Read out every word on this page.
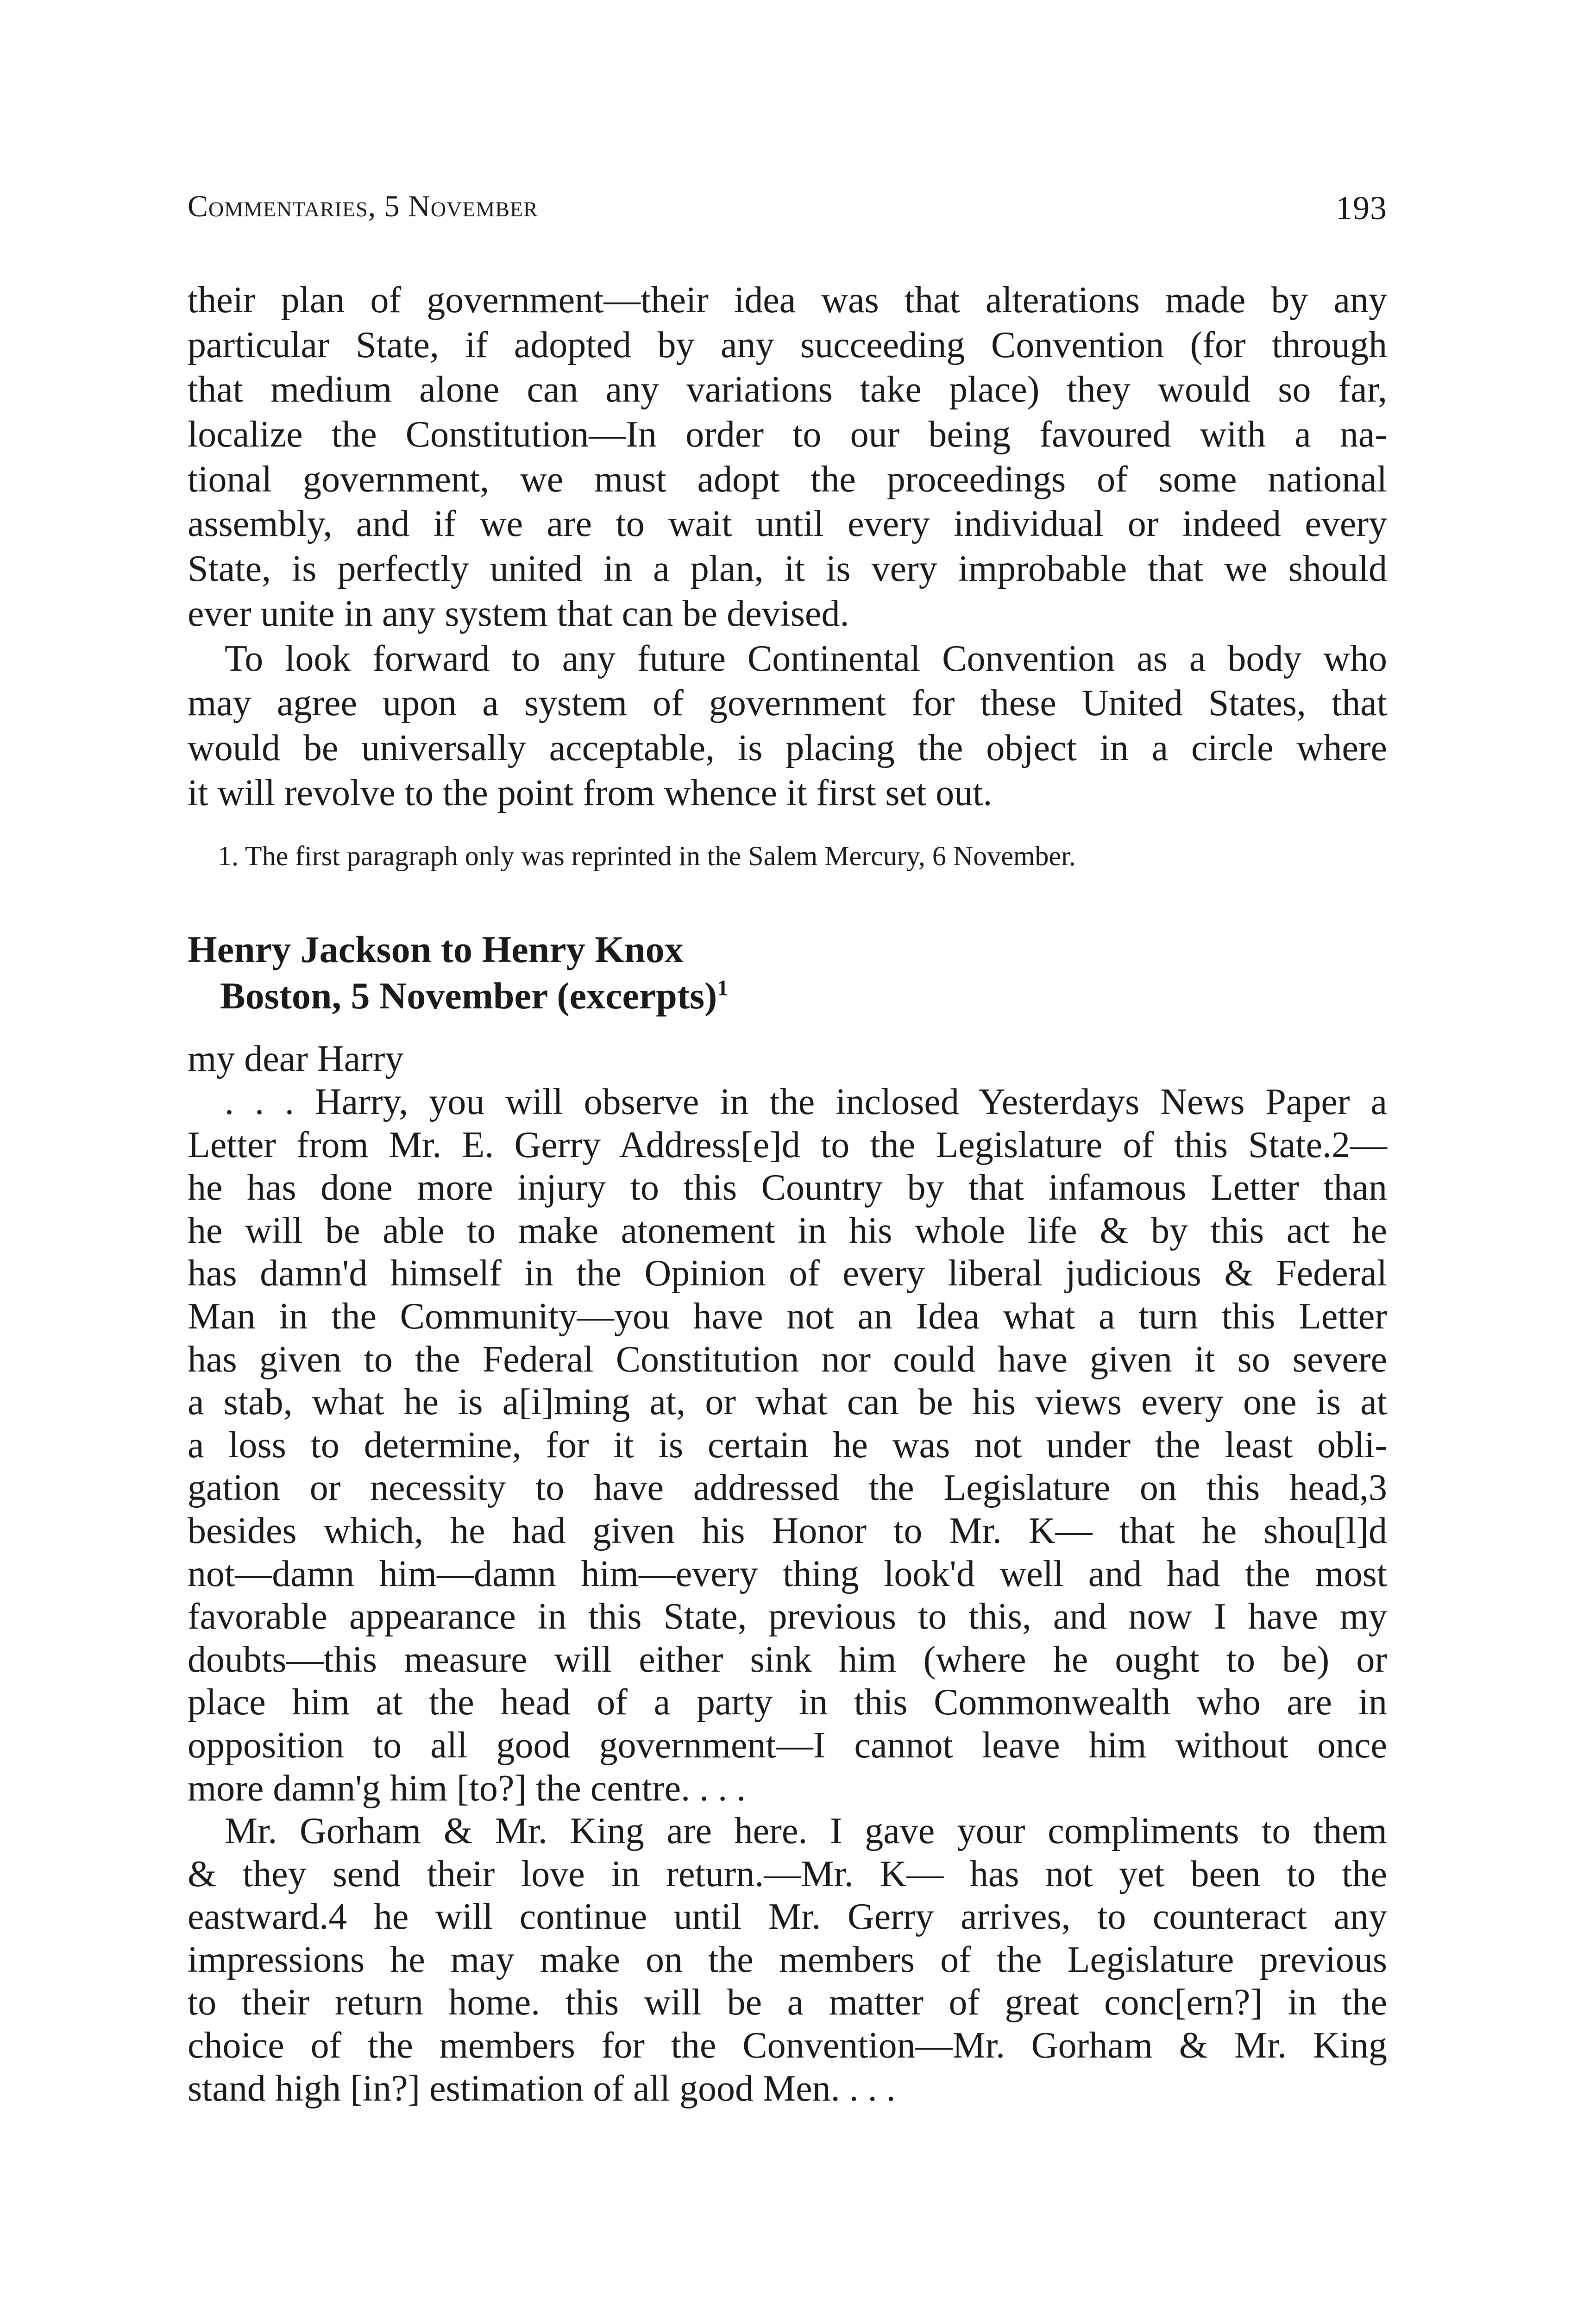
Commentaries, 5 November	193
their plan of government—their idea was that alterations made by any
particular State, if adopted by any succeeding Convention (for through
that medium alone can any variations take place) they would so far,
localize the Constitution—In order to our being favoured with a na-
tional government, we must adopt the proceedings of some national
assembly, and if we are to wait until every individual or indeed every
State, is perfectly united in a plan, it is very improbable that we should
ever unite in any system that can be devised.
To look forward to any future Continental Convention as a body who
may agree upon a system of government for these United States, that
would be universally acceptable, is placing the object in a circle where
it will revolve to the point from whence it first set out.
1. The first paragraph only was reprinted in the Salem Mercury, 6 November.
Henry Jackson to Henry Knox
Boston, 5 November (excerpts)$^1$
my dear Harry
. . . Harry, you will observe in the inclosed Yesterdays News Paper a
Letter from Mr. E. Gerry Address[e]d to the Legislature of this State.2—
he has done more injury to this Country by that infamous Letter than
he will be able to make atonement in his whole life & by this act he
has damn'd himself in the Opinion of every liberal judicious & Federal
Man in the Community—you have not an Idea what a turn this Letter
has given to the Federal Constitution nor could have given it so severe
a stab, what he is a[i]ming at, or what can be his views every one is at
a loss to determine, for it is certain he was not under the least obli-
gation or necessity to have addressed the Legislature on this head,3
besides which, he had given his Honor to Mr. K— that he shou[l]d
not—damn him—damn him—every thing look'd well and had the most
favorable appearance in this State, previous to this, and now I have my
doubts—this measure will either sink him (where he ought to be) or
place him at the head of a party in this Commonwealth who are in
opposition to all good government—I cannot leave him without once
more damn'g him [to?] the centre. . . .
Mr. Gorham & Mr. King are here. I gave your compliments to them
& they send their love in return.—Mr. K— has not yet been to the
eastward.4 he will continue until Mr. Gerry arrives, to counteract any
impressions he may make on the members of the Legislature previous
to their return home. this will be a matter of great conc[ern?] in the
choice of the members for the Convention—Mr. Gorham & Mr. King
stand high [in?] estimation of all good Men. . . .
